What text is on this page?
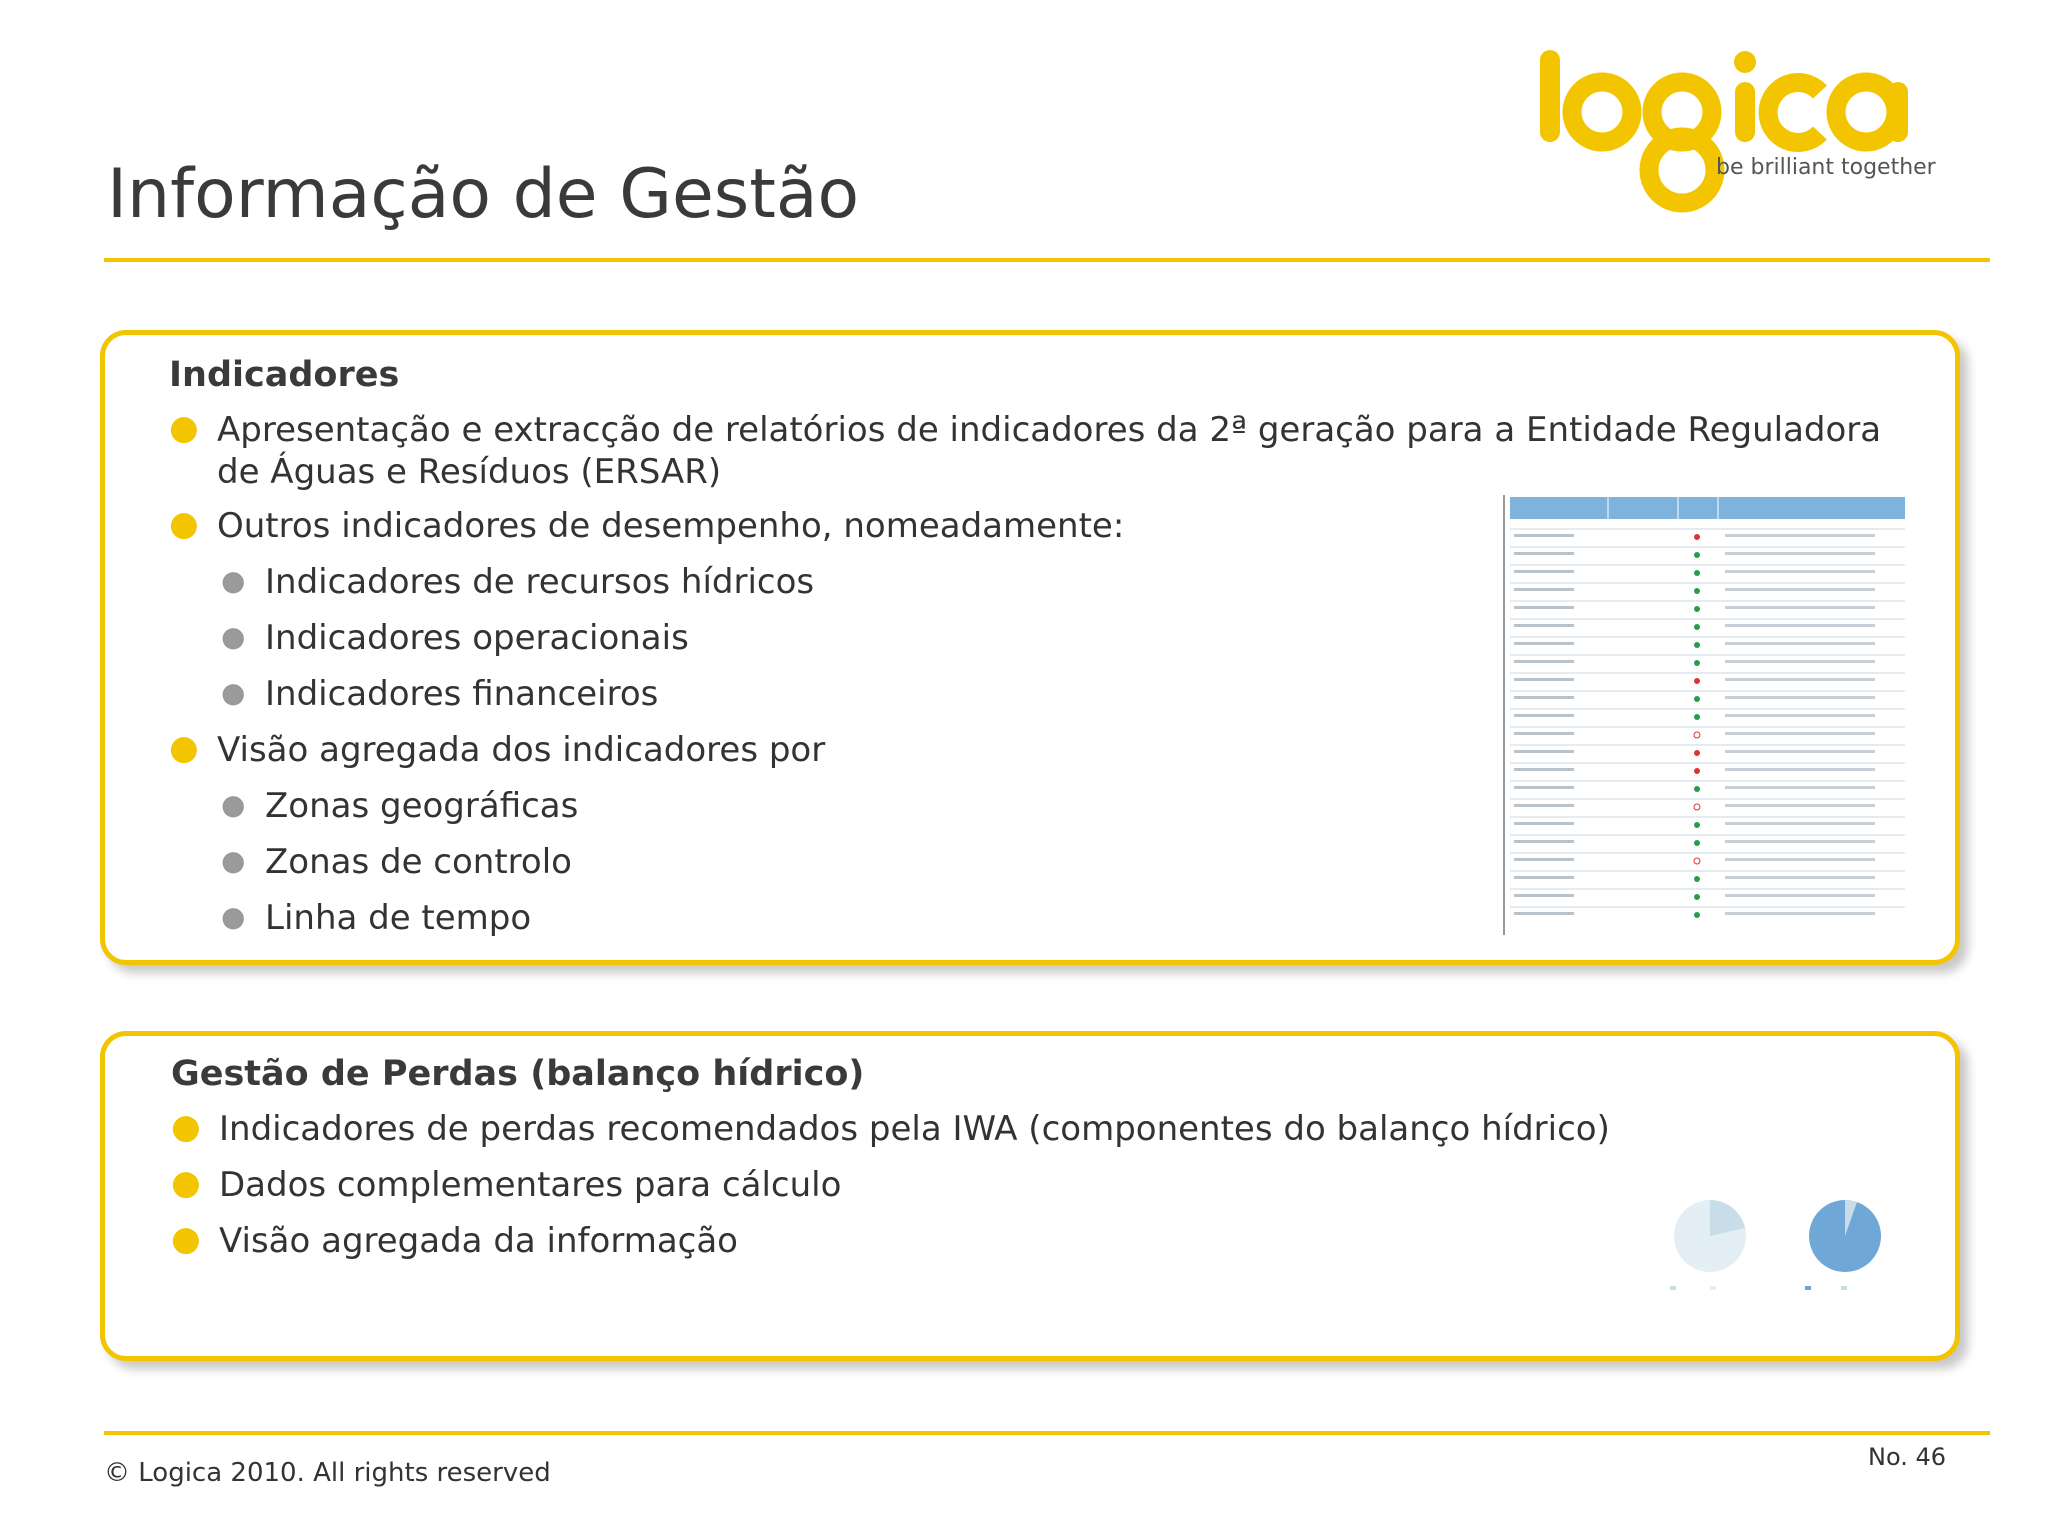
Informação de Gestão	be brilliant together
Indicadores
● Apresentação e extracção de relatórios de indicadores da 2ª geração para a Entidade Reguladora
de Águas e Resíduos (ERSAR)
● Outros indicadores de desempenho, nomeadamente:
● Indicadores de recursos hídricos
● Indicadores operacionais
● Indicadores financeiros
● Visão agregada dos indicadores por
● Zonas geográficas
● Zonas de controlo
● Linha de tempo
Gestão de Perdas (balanço hídrico)
● Indicadores de perdas recomendados pela IWA (componentes do balanço hídrico)
● Dados complementares para cálculo
● Visão agregada da informação
© Logica 2010. All rights reserved
No. 46
